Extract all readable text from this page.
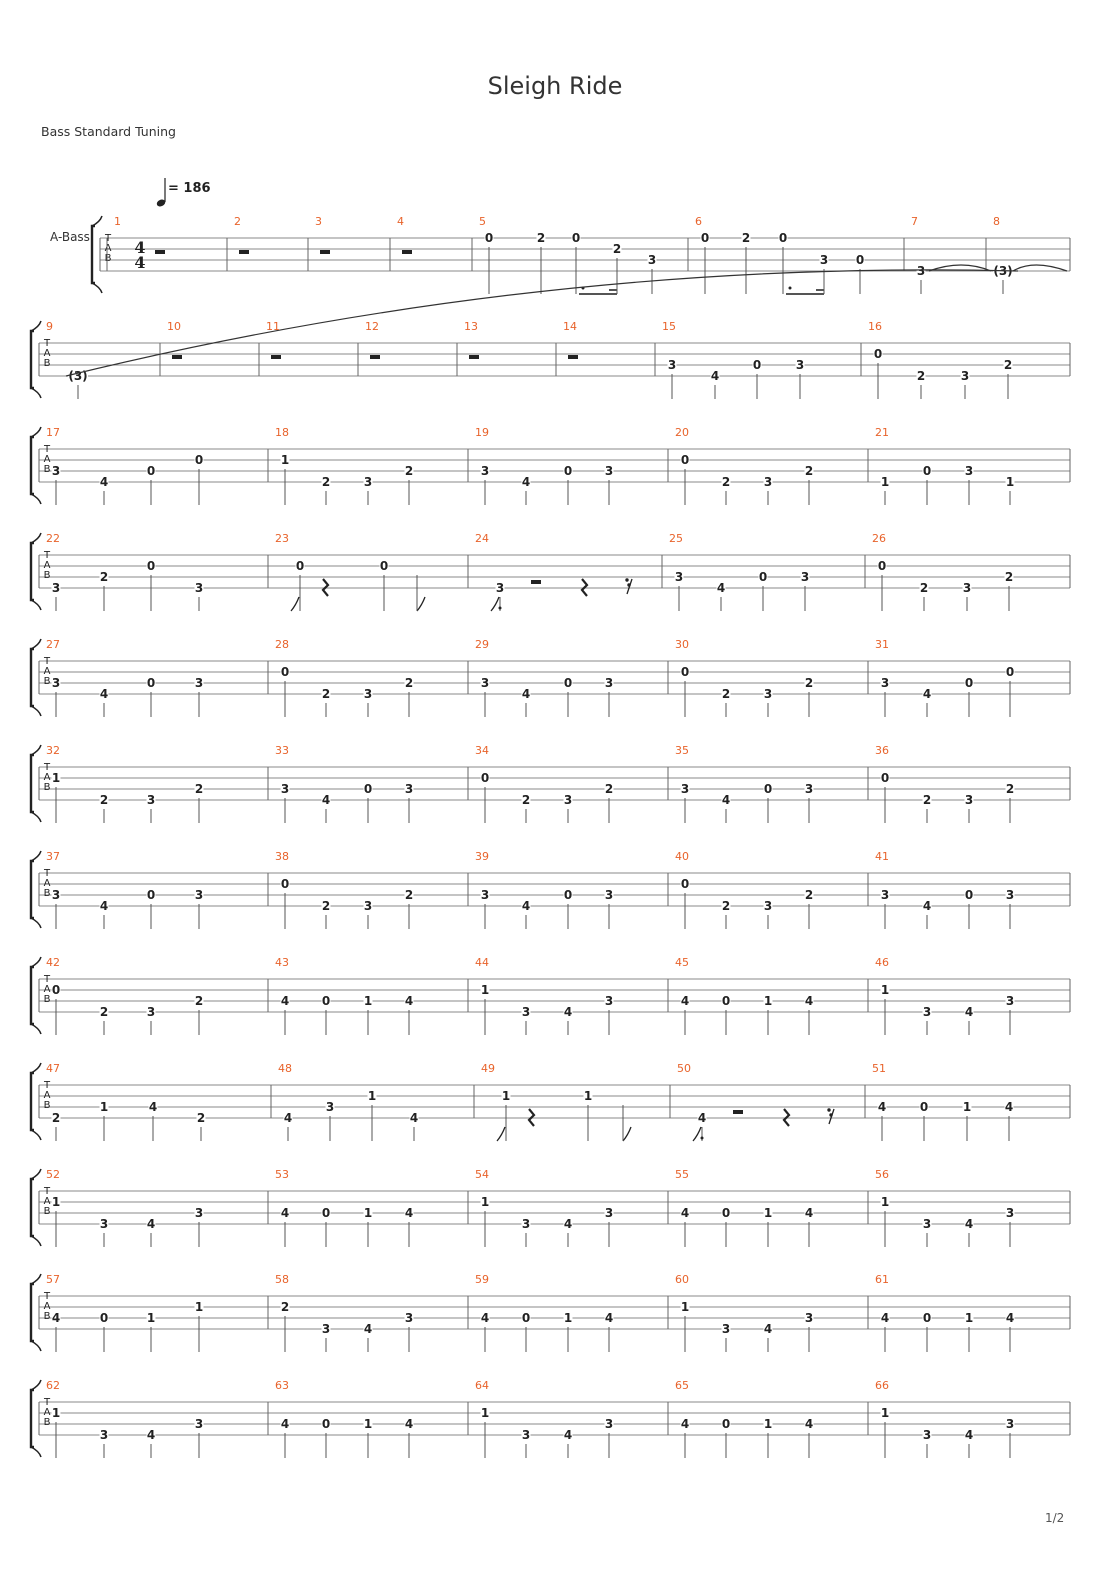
Sleigh Ride
Bass Standard Tuning
= 186
A-Bass
1/2
T
A
B
4
4
1	2	3	4	5
0	2 0
2
3
6
0	2 0
3 0
7
3
8
(3)
T
A
B
9
(3)
10	11	12	13	14	15
3
4
0	3
16
0
2	3
2
T
A
B
17
3
4
0
0
18
1
2	3
2
19
3
4
0	3
20
0
2	3
2
21
1
0	3
1
T
A
B
22
3
2
0
3
23
0	0
24
3
25
3
4
0	3
26
0
2	3
2
T
A
B
27
3
4
0	3
28
0
2	3
2
29
3
4
0	3
30
0
2	3
2
31
3
4
0
0
T
A
B
32
1
2	3
2
33
3
4
0	3
34
0
2	3
2
35
3
4
0	3
36
0
2	3
2
T
A
B
37
3
4
0	3
38
0
2	3
2
39
3
4
0	3
40
0
2	3
2
41
3
4
0	3
T
A
B
42
0
2	3
2
43
4	0	1	4
44
1
3	4
3
45
4	0	1	4
46
1
3	4
3
T
A
B
47
2
1	4
2
48
4
3
1
4
49
1	1
50
4
51
4	0	1	4
T
A
B
52
1
3	4
3
53
4	0	1	4
54
1
3	4
3
55
4	0	1	4
56
1
3	4
3
T
A
B
57
4	0	1
1
58
2
3	4
3
59
4	0	1	4
60
1
3	4
3
61
4	0	1	4
T
A
B
62
1
3	4
3
63
4	0	1	4
64
1
3	4
3
65
4	0	1	4
66
1
3	4
3
